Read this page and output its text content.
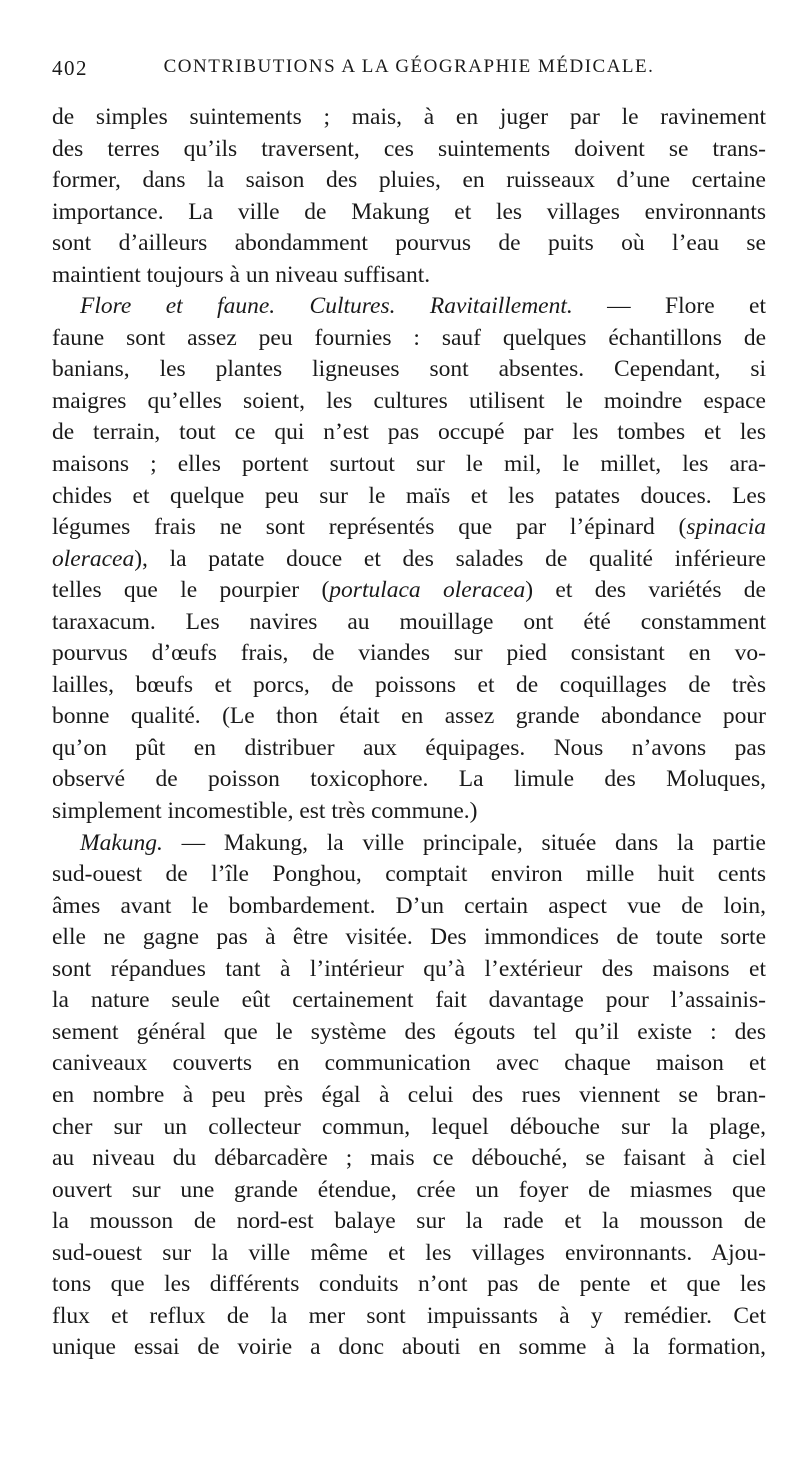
402	CONTRIBUTIONS A LA GÉOGRAPHIE MÉDICALE.
de simples suintements ; mais, à en juger par le ravinement
des terres qu’ils traversent, ces suintements doivent se trans-
former, dans la saison des pluies, en ruisseaux d’une certaine
importance. La ville de Makung et les villages environnants
sont d’ailleurs abondamment pourvus de puits où l’eau se
maintient toujours à un niveau suffisant.
Flore et faune. Cultures. Ravitaillement. — Flore et
faune sont assez peu fournies : sauf quelques échantillons de
banians, les plantes ligneuses sont absentes. Cependant, si
maigres qu’elles soient, les cultures utilisent le moindre espace
de terrain, tout ce qui n’est pas occupé par les tombes et les
maisons ; elles portent surtout sur le mil, le millet, les ara-
chides et quelque peu sur le maïs et les patates douces. Les
légumes frais ne sont représentés que par l’épinard (spinacia
oleracea), la patate douce et des salades de qualité inférieure
telles que le pourpier (portulaca oleracea) et des variétés de
taraxacum. Les navires au mouillage ont été constamment
pourvus d’œufs frais, de viandes sur pied consistant en vo-
lailles, bœufs et porcs, de poissons et de coquillages de très
bonne qualité. (Le thon était en assez grande abondance pour
qu’on pût en distribuer aux équipages. Nous n’avons pas
observé de poisson toxicophore. La limule des Moluques,
simplement incomestible, est très commune.)
Makung. — Makung, la ville principale, située dans la partie
sud-ouest de l’île Ponghou, comptait environ mille huit cents
âmes avant le bombardement. D’un certain aspect vue de loin,
elle ne gagne pas à être visitée. Des immondices de toute sorte
sont répandues tant à l’intérieur qu’à l’extérieur des maisons et
la nature seule eût certainement fait davantage pour l’assainis-
sement général que le système des égouts tel qu’il existe : des
caniveaux couverts en communication avec chaque maison et
en nombre à peu près égal à celui des rues viennent se bran-
cher sur un collecteur commun, lequel débouche sur la plage,
au niveau du débarcadère ; mais ce débouché, se faisant à ciel
ouvert sur une grande étendue, crée un foyer de miasmes que
la mousson de nord-est balaye sur la rade et la mousson de
sud-ouest sur la ville même et les villages environnants. Ajou-
tons que les différents conduits n’ont pas de pente et que les
flux et reflux de la mer sont impuissants à y remédier. Cet
unique essai de voirie a donc abouti en somme à la formation,
